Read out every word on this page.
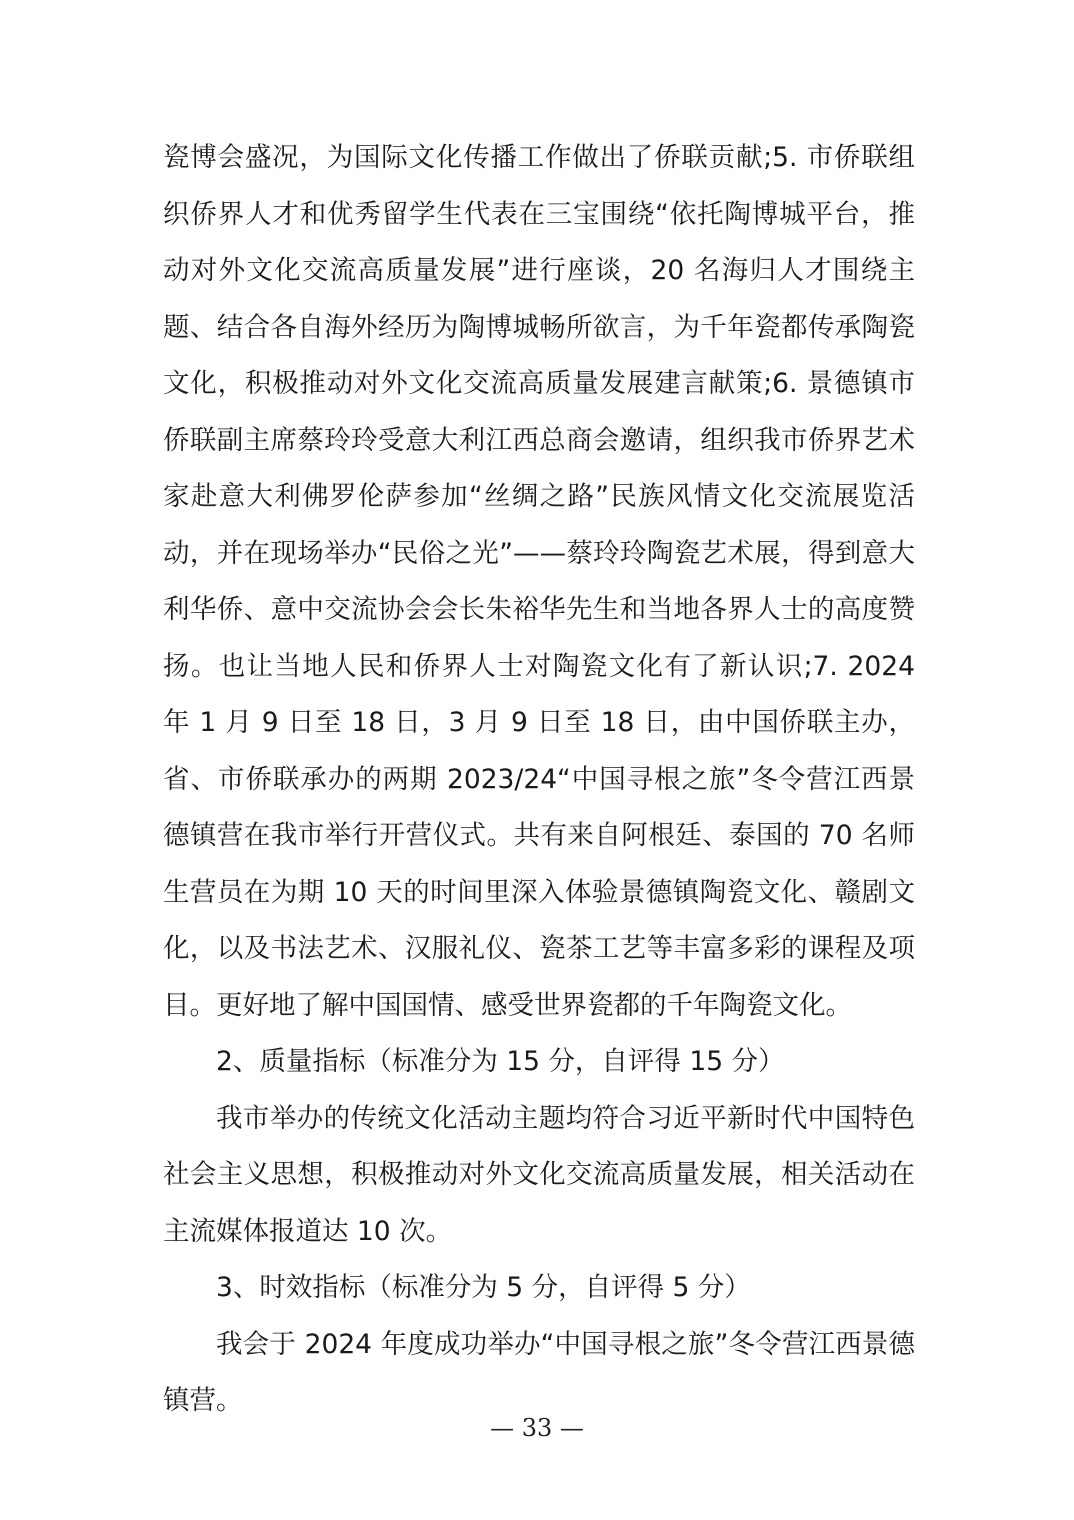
瓷博会盛况，为国际文化传播工作做出了侨联贡献;5. 市侨联组织侨界人才和优秀留学生代表在三宝围绕“依托陶博城平台，推动对外文化交流高质量发展”进行座谈，20 名海归人才围绕主题、结合各自海外经历为陶博城畅所欲言，为千年瓷都传承陶瓷文化，积极推动对外文化交流高质量发展建言献策;6. 景德镇市侨联副主席蔡玲玲受意大利江西总商会邀请，组织我市侨界艺术家赴意大利佛罗伦萨参加“丝绸之路”民族风情文化交流展览活动，并在现场举办“民俗之光”——蔡玲玲陶瓷艺术展，得到意大利华侨、意中交流协会会长朱裕华先生和当地各界人士的高度赞扬。也让当地人民和侨界人士对陶瓷文化有了新认识;7. 2024 年 1 月 9 日至 18 日，3 月 9 日至 18 日，由中国侨联主办，省、市侨联承办的两期 2023/24“中国寻根之旅”冬令营江西景德镇营在我市举行开营仪式。共有来自阿根廷、泰国的 70 名师生营员在为期 10 天的时间里深入体验景德镇陶瓷文化、赣剧文化，以及书法艺术、汉服礼仪、瓷茶工艺等丰富多彩的课程及项目。更好地了解中国国情、感受世界瓷都的千年陶瓷文化。

2、质量指标（标准分为 15 分，自评得 15 分）

我市举办的传统文化活动主题均符合习近平新时代中国特色社会主义思想，积极推动对外文化交流高质量发展，相关活动在主流媒体报道达 10 次。

3、时效指标（标准分为 5 分，自评得 5 分）

我会于 2024 年度成功举办“中国寻根之旅”冬令营江西景德镇营。

— 33 —
